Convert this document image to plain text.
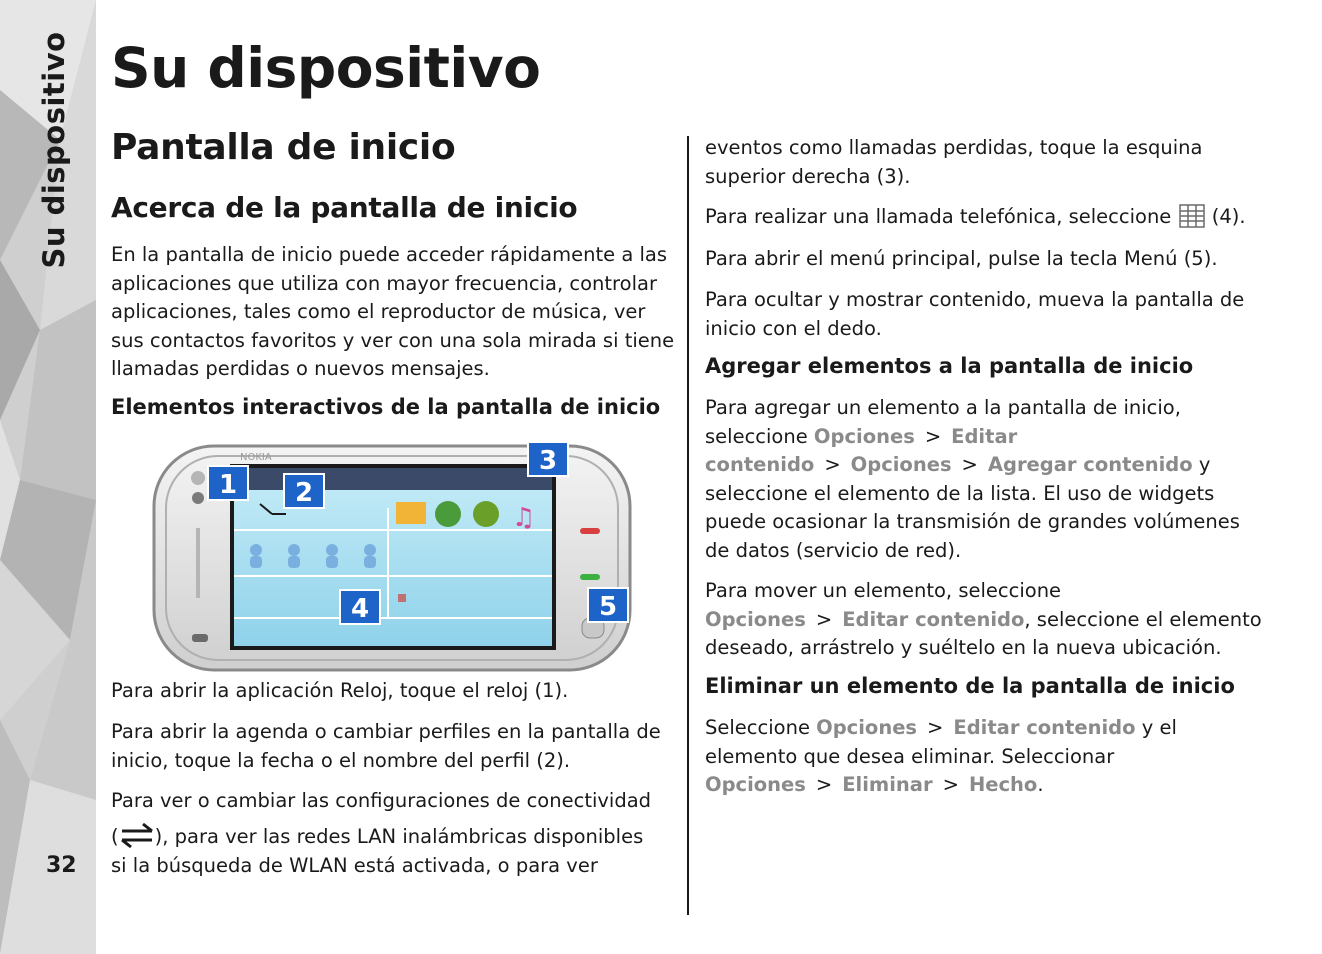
Su dispositivo
32
Su dispositivo
Pantalla de inicio
Acerca de la pantalla de inicio

En la pantalla de inicio puede acceder rápidamente a las aplicaciones que utiliza con mayor frecuencia, controlar aplicaciones, tales como el reproductor de música, ver sus contactos favoritos y ver con una sola mirada si tiene llamadas perdidas o nuevos mensajes.

Elementos interactivos de la pantalla de inicio

Para abrir la aplicación Reloj, toque el reloj (1).

Para abrir la agenda o cambiar perfiles en la pantalla de inicio, toque la fecha o el nombre del perfil (2).

Para ver o cambiar las configuraciones de conectividad

( ), para ver las redes LAN inalámbricas disponibles

si la búsqueda de WLAN está activada, o para ver

NOKIA
♫
1 2
3
4	5

eventos como llamadas perdidas, toque la esquina superior derecha (3).

Para realizar una llamada telefónica, seleccione (4).

Para abrir el menú principal, pulse la tecla Menú (5).

Para ocultar y mostrar contenido, mueva la pantalla de inicio con el dedo.

Agregar elementos a la pantalla de inicio

Para agregar un elemento a la pantalla de inicio, seleccione Opciones > Editar contenido > Opciones > Agregar contenido y seleccione el elemento de la lista. El uso de widgets puede ocasionar la transmisión de grandes volúmenes de datos (servicio de red).

Para mover un elemento, seleccione Opciones > Editar contenido, seleccione el elemento deseado, arrástrelo y suéltelo en la nueva ubicación.

Eliminar un elemento de la pantalla de inicio

Seleccione Opciones > Editar contenido y el elemento que desea eliminar. Seleccionar Opciones > Eliminar > Hecho.
